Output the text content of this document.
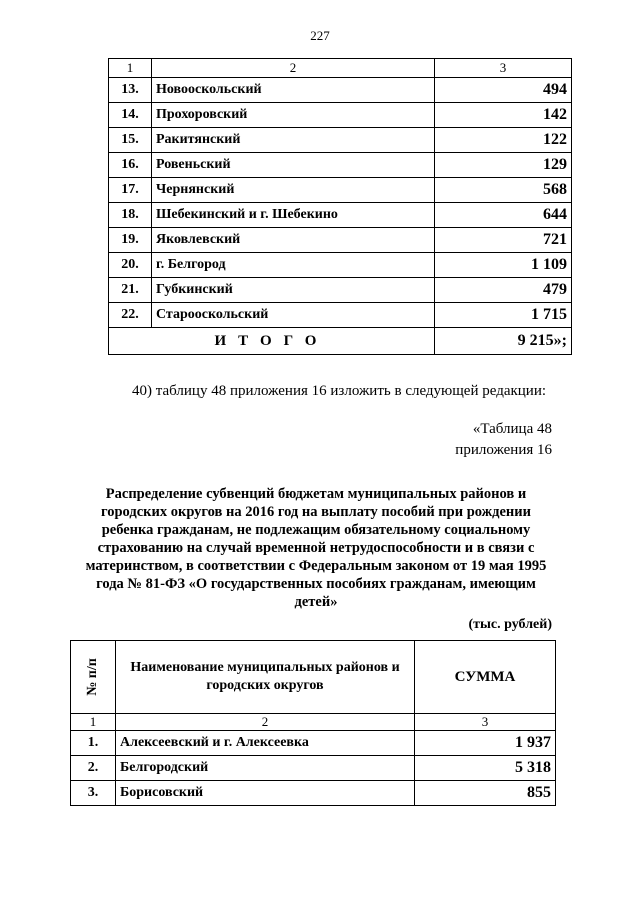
227
1	2	3
13.	Новооскольский	494
14.	Прохоровский	142
15.	Ракитянский	122
16.	Ровеньский	129
17.	Чернянский	568
18.	Шебекинский и г. Шебекино	644
19.	Яковлевский	721
20.	г. Белгород	1 109
21.	Губкинский	479
22.	Старооскольский	1 715
ИТОГО		9 215»;
40) таблицу 48 приложения 16 изложить в следующей редакции:
«Таблица 48
приложения 16
Распределение субвенций бюджетам муниципальных районов и городских округов на 2016 год на выплату пособий при рождении ребенка гражданам, не подлежащим обязательному социальному страхованию на случай временной нетрудоспособности и в связи с материнством, в соответствии с Федеральным законом от 19 мая 1995 года № 81-ФЗ «О государственных пособиях гражданам, имеющим детей»
(тыс. рублей)
№ п/п	Наименование муниципальных районов и городских округов	СУММА
1	2	3
1.	Алексеевский и г. Алексеевка	1 937
2.	Белгородский	5 318
3.	Борисовский	855
